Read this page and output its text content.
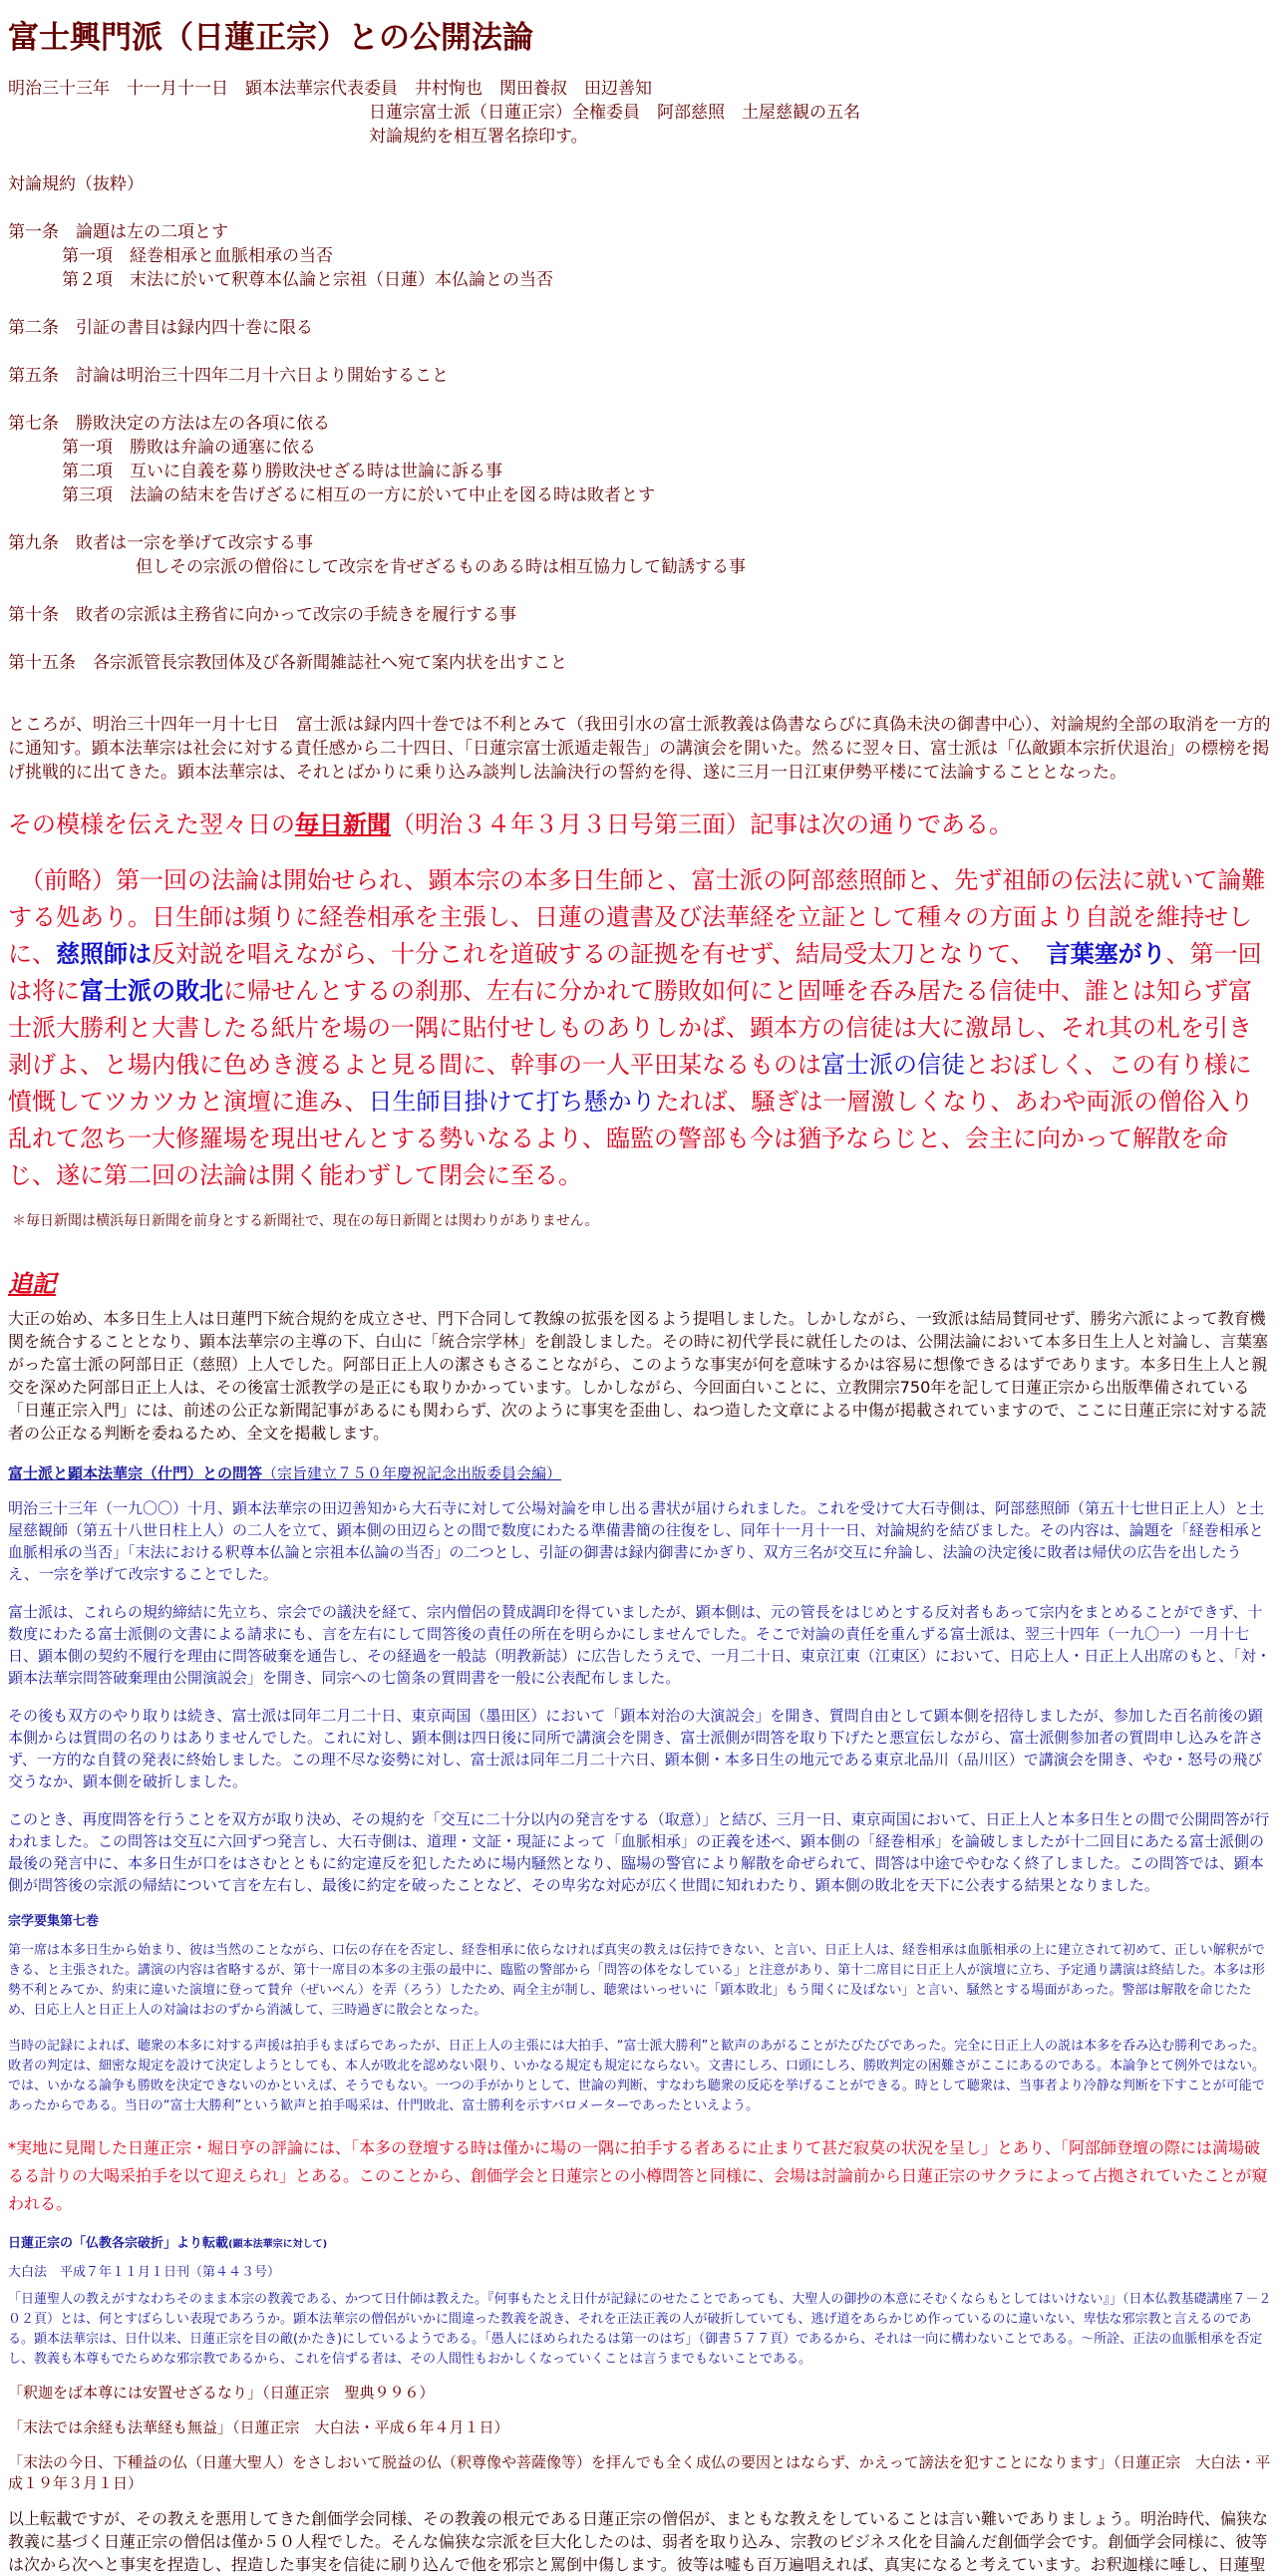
富士興門派（日蓮正宗）との公開法論

明治三十三年　十一月十一日　顕本法華宗代表委員　井村恂也　関田養叔　田辺善知

日蓮宗富士派（日蓮正宗）全権委員　阿部慈照　土屋慈観の五名

対論規約を相互署名捺印す。

対論規約（抜粋）

第一条　論題は左の二項とす

第一項　経巻相承と血脈相承の当否

第２項　末法に於いて釈尊本仏論と宗祖（日蓮）本仏論との当否

第二条　引証の書目は録内四十巻に限る

第五条　討論は明治三十四年二月十六日より開始すること

第七条　勝敗決定の方法は左の各項に依る

第一項　勝敗は弁論の通塞に依る

第二項　互いに自義を募り勝敗決せざる時は世論に訴る事

第三項　法論の結末を告げざるに相互の一方に於いて中止を図る時は敗者とす

第九条　敗者は一宗を挙げて改宗する事

但しその宗派の僧俗にして改宗を肯ぜざるものある時は相互協力して勧誘する事

第十条　敗者の宗派は主務省に向かって改宗の手続きを履行する事

第十五条　各宗派管長宗教団体及び各新聞雑誌社へ宛て案内状を出すこと

ところが、明治三十四年一月十七日　富士派は録内四十巻では不利とみて（我田引水の富士派教義は偽書ならびに真偽未決の御書中心）、対論規約全部の取消を一方的に通知す。顕本法華宗は社会に対する責任感から二十四日、「日蓮宗富士派遁走報告」の講演会を開いた。然るに翌々日、富士派は「仏敵顕本宗折伏退治」の標榜を掲げ挑戦的に出てきた。顕本法華宗は、それとばかりに乗り込み談判し法論決行の誓約を得、遂に三月一日江東伊勢平楼にて法論することとなった。

その模様を伝えた翌々日の毎日新聞（明治３４年３月３日号第三面）記事は次の通りである。
　（前略）第一回の法論は開始せられ、顕本宗の本多日生師と、富士派の阿部慈照師と、先ず祖師の伝法に就いて論難する処あり。日生師は頻りに経巻相承を主張し、日蓮の遺書及び法華経を立証として種々の方面より自説を維持せしに、慈照師は反対説を唱えながら、十分これを道破するの証拠を有せず、結局受太刀となりて、　言葉塞がり、第一回は将に富士派の敗北に帰せんとするの刹那、左右に分かれて勝敗如何にと固唾を呑み居たる信徒中、誰とは知らず富士派大勝利と大書したる紙片を場の一隅に貼付せしものありしかば、顕本方の信徒は大に激昂し、それ其の札を引き剥げよ、と場内俄に色めき渡るよと見る間に、幹事の一人平田某なるものは富士派の信徒とおぼしく、この有り様に憤慨してツカツカと演壇に進み、日生師目掛けて打ち懸かりたれば、騒ぎは一層激しくなり、あわや両派の僧俗入り乱れて忽ち一大修羅場を現出せんとする勢いなるより、臨監の警部も今は猶予ならじと、会主に向かって解散を命じ、遂に第二回の法論は開く能わずして閉会に至る。

＊毎日新聞は横浜毎日新聞を前身とする新聞社で、現在の毎日新聞とは関わりがありません。

追記

大正の始め、本多日生上人は日蓮門下統合規約を成立させ、門下合同して教線の拡張を図るよう提唱しました。しかしながら、一致派は結局賛同せず、勝劣六派によって教育機関を統合することとなり、顕本法華宗の主導の下、白山に「統合宗学林」を創設しました。その時に初代学長に就任したのは、公開法論において本多日生上人と対論し、言葉塞がった富士派の阿部日正（慈照）上人でした。阿部日正上人の潔さもさることながら、このような事実が何を意味するかは容易に想像できるはずであります。本多日生上人と親交を深めた阿部日正上人は、その後富士派教学の是正にも取りかかっています。しかしながら、今回面白いことに、立教開宗750年を記して日蓮正宗から出版準備されている「日蓮正宗入門」には、前述の公正な新聞記事があるにも関わらず、次のように事実を歪曲し、ねつ造した文章による中傷が掲載されていますので、ここに日蓮正宗に対する読者の公正なる判断を委ねるため、全文を掲載します。

富士派と顕本法華宗（什門）との問答（宗旨建立７５０年慶祝記念出版委員会編）

明治三十三年（一九〇〇）十月、顕本法華宗の田辺善知から大石寺に対して公場対論を申し出る書状が届けられました。これを受けて大石寺側は、阿部慈照師（第五十七世日正上人）と土屋慈観師（第五十八世日柱上人）の二人を立て、顕本側の田辺らとの間で数度にわたる準備書簡の往復をし、同年十一月十一日、対論規約を結びました。その内容は、論題を「経巻相承と血脈相承の当否」「末法における釈尊本仏論と宗祖本仏論の当否」の二つとし、引証の御書は録内御書にかぎり、双方三名が交互に弁論し、法論の決定後に敗者は帰伏の広告を出したうえ、一宗を挙げて改宗することでした。

富士派は、これらの規約締結に先立ち、宗会での議決を経て、宗内僧侶の賛成調印を得ていましたが、顕本側は、元の管長をはじめとする反対者もあって宗内をまとめることができず、十数度にわたる富士派側の文書による請求にも、言を左右にして問答後の責任の所在を明らかにしませんでした。そこで対論の責任を重んずる富士派は、翌三十四年（一九〇一）一月十七日、顕本側の契約不履行を理由に問答破棄を通告し、その経過を一般誌（明教新誌）に広告したうえで、一月二十日、東京江東（江東区）において、日応上人・日正上人出席のもと、「対・顕本法華宗問答破棄理由公開演説会」を開き、同宗への七箇条の質問書を一般に公表配布しました。

その後も双方のやり取りは続き、富士派は同年二月二十日、東京両国（墨田区）において「顕本対治の大演説会」を開き、質問自由として顕本側を招待しましたが、参加した百名前後の顕本側からは質問の名のりはありませんでした。これに対し、顕本側は四日後に同所で講演会を開き、富士派側が問答を取り下げたと悪宣伝しながら、富士派側参加者の質問申し込みを許さず、一方的な自賛の発表に終始しました。この理不尽な姿勢に対し、富士派は同年二月二十六日、顕本側・本多日生の地元である東京北品川（品川区）で講演会を開き、やむ・怒号の飛び交うなか、顕本側を破折しました。

このとき、再度問答を行うことを双方が取り決め、その規約を「交互に二十分以内の発言をする（取意）」と結び、三月一日、東京両国において、日正上人と本多日生との間で公開問答が行われました。この問答は交互に六回ずつ発言し、大石寺側は、道理・文証・現証によって「血脈相承」の正義を述べ、顕本側の「経巻相承」を論破しましたが十二回目にあたる富士派側の最後の発言中に、本多日生が口をはさむとともに約定違反を犯したために場内騒然となり、臨場の警官により解散を命ぜられて、問答は中途でやむなく終了しました。この問答では、顕本側が問答後の宗派の帰結について言を左右し、最後に約定を破ったことなど、その卑劣な対応が広く世間に知れわたり、顕本側の敗北を天下に公表する結果となりました。

宗学要集第七巻

第一席は本多日生から始まり、彼は当然のことながら、口伝の存在を否定し、経巻相承に依らなければ真実の教えは伝持できない、と言い、日正上人は、経巻相承は血脈相承の上に建立されて初めて、正しい解釈ができる、と主張された。講演の内容は省略するが、第十一席目の本多の主張の最中に、臨監の警部から「問答の体をなしている」と注意があり、第十二席目に日正上人が演壇に立ち、予定通り講演は終結した。本多は形勢不利とみてか、約束に違いた演壇に登って賛弁（ぜいべん）を弄（ろう）したため、両全主が制し、聴衆はいっせいに「顕本敗北」もう聞くに及ばない」と言い、騒然とする場面があった。警部は解散を命じたため、日応上人と日正上人の対論はおのずから消滅して、三時過ぎに散会となった。

当時の記録によれば、聴衆の本多に対する声援は拍手もまばらであったが、日正上人の主張には大拍手、“富士派大勝利”と歓声のあがることがたびたびであった。完全に日正上人の説は本多を呑み込む勝利であった。敗者の判定は、細密な規定を設けて決定しようとしても、本人が敗北を認めない限り、いかなる規定も規定にならない。文書にしろ、口頭にしろ、勝敗判定の困難さがここにあるのである。本論争とて例外ではない。では、いかなる論争も勝敗を決定できないのかといえば、そうでもない。一つの手がかりとして、世論の判断、すなわち聴衆の反応を挙げることができる。時として聴衆は、当事者より冷静な判断を下すことが可能であったからである。当日の“富士大勝利”という歓声と拍手喝采は、什門敗北、富士勝利を示すバロメーターであったといえよう。

*実地に見聞した日蓮正宗・堀日亨の評論には、「本多の登壇する時は僅かに場の一隅に拍手する者あるに止まりて甚だ寂莫の状況を呈し」とあり、「阿部師登壇の際には満場破るる計りの大喝采拍手を以て迎えられ」とある。このことから、創価学会と日蓮宗との小樽問答と同様に、会場は討論前から日蓮正宗のサクラによって占拠されていたことが窺われる。

日蓮正宗の「仏教各宗破折」より転載(顕本法華宗に対して)

大白法　平成７年１１月１日刊（第４４３号）

「日蓮聖人の教えがすなわちそのまま本宗の教義である、かつて日什師は教えた。『何事もたとえ日什が記録にのせたことであっても、大聖人の御抄の本意にそむくならもとしてはいけない』」（日本仏教基礎講座７－２０２頁）とは、何とすばらしい表現であろうか。顕本法華宗の僧侶がいかに間違った教義を説き、それを正法正義の人が破折していても、逃げ道をあらかじめ作っているのに違いない、卑怯な邪宗教と言えるのである。顕本法華宗は、日什以来、日蓮正宗を目の敵(かたき)にしているようである。「愚人にほめられたるは第一のはぢ」（御書５７７頁）であるから、それは一向に構わないことである。～所詮、正法の血脈相承を否定し、教義も本尊もでたらめな邪宗教であるから、これを信ずる者は、その人間性もおかしくなっていくことは言うまでもないことである。

「釈迦をば本尊には安置せざるなり」（日蓮正宗　聖典９９６）

「末法では余経も法華経も無益」（日蓮正宗　大白法・平成６年４月１日）

「末法の今日、下種益の仏（日蓮大聖人）をさしおいて脱益の仏（釈尊像や菩薩像等）を拝んでも全く成仏の要因とはならず、かえって謗法を犯すことになります」（日蓮正宗　大白法・平成１９年３月１日）

以上転載ですが、その教えを悪用してきた創価学会同様、その教義の根元である日蓮正宗の僧侶が、まともな教えをしていることは言い難いでありましょう。明治時代、偏狭な教義に基づく日蓮正宗の僧侶は僅か５０人程でした。そんな偏狭な宗派を巨大化したのは、弱者を取り込み、宗教のビジネス化を目論んだ創価学会です。創価学会同様に、彼等は次から次へと事実を捏造し、捏造した事実を信徒に刷り込んで他を邪宗と罵倒中傷します。彼等は嘘も百万遍唱えれば、真実になると考えています。お釈迦様に唾し、日蓮聖
